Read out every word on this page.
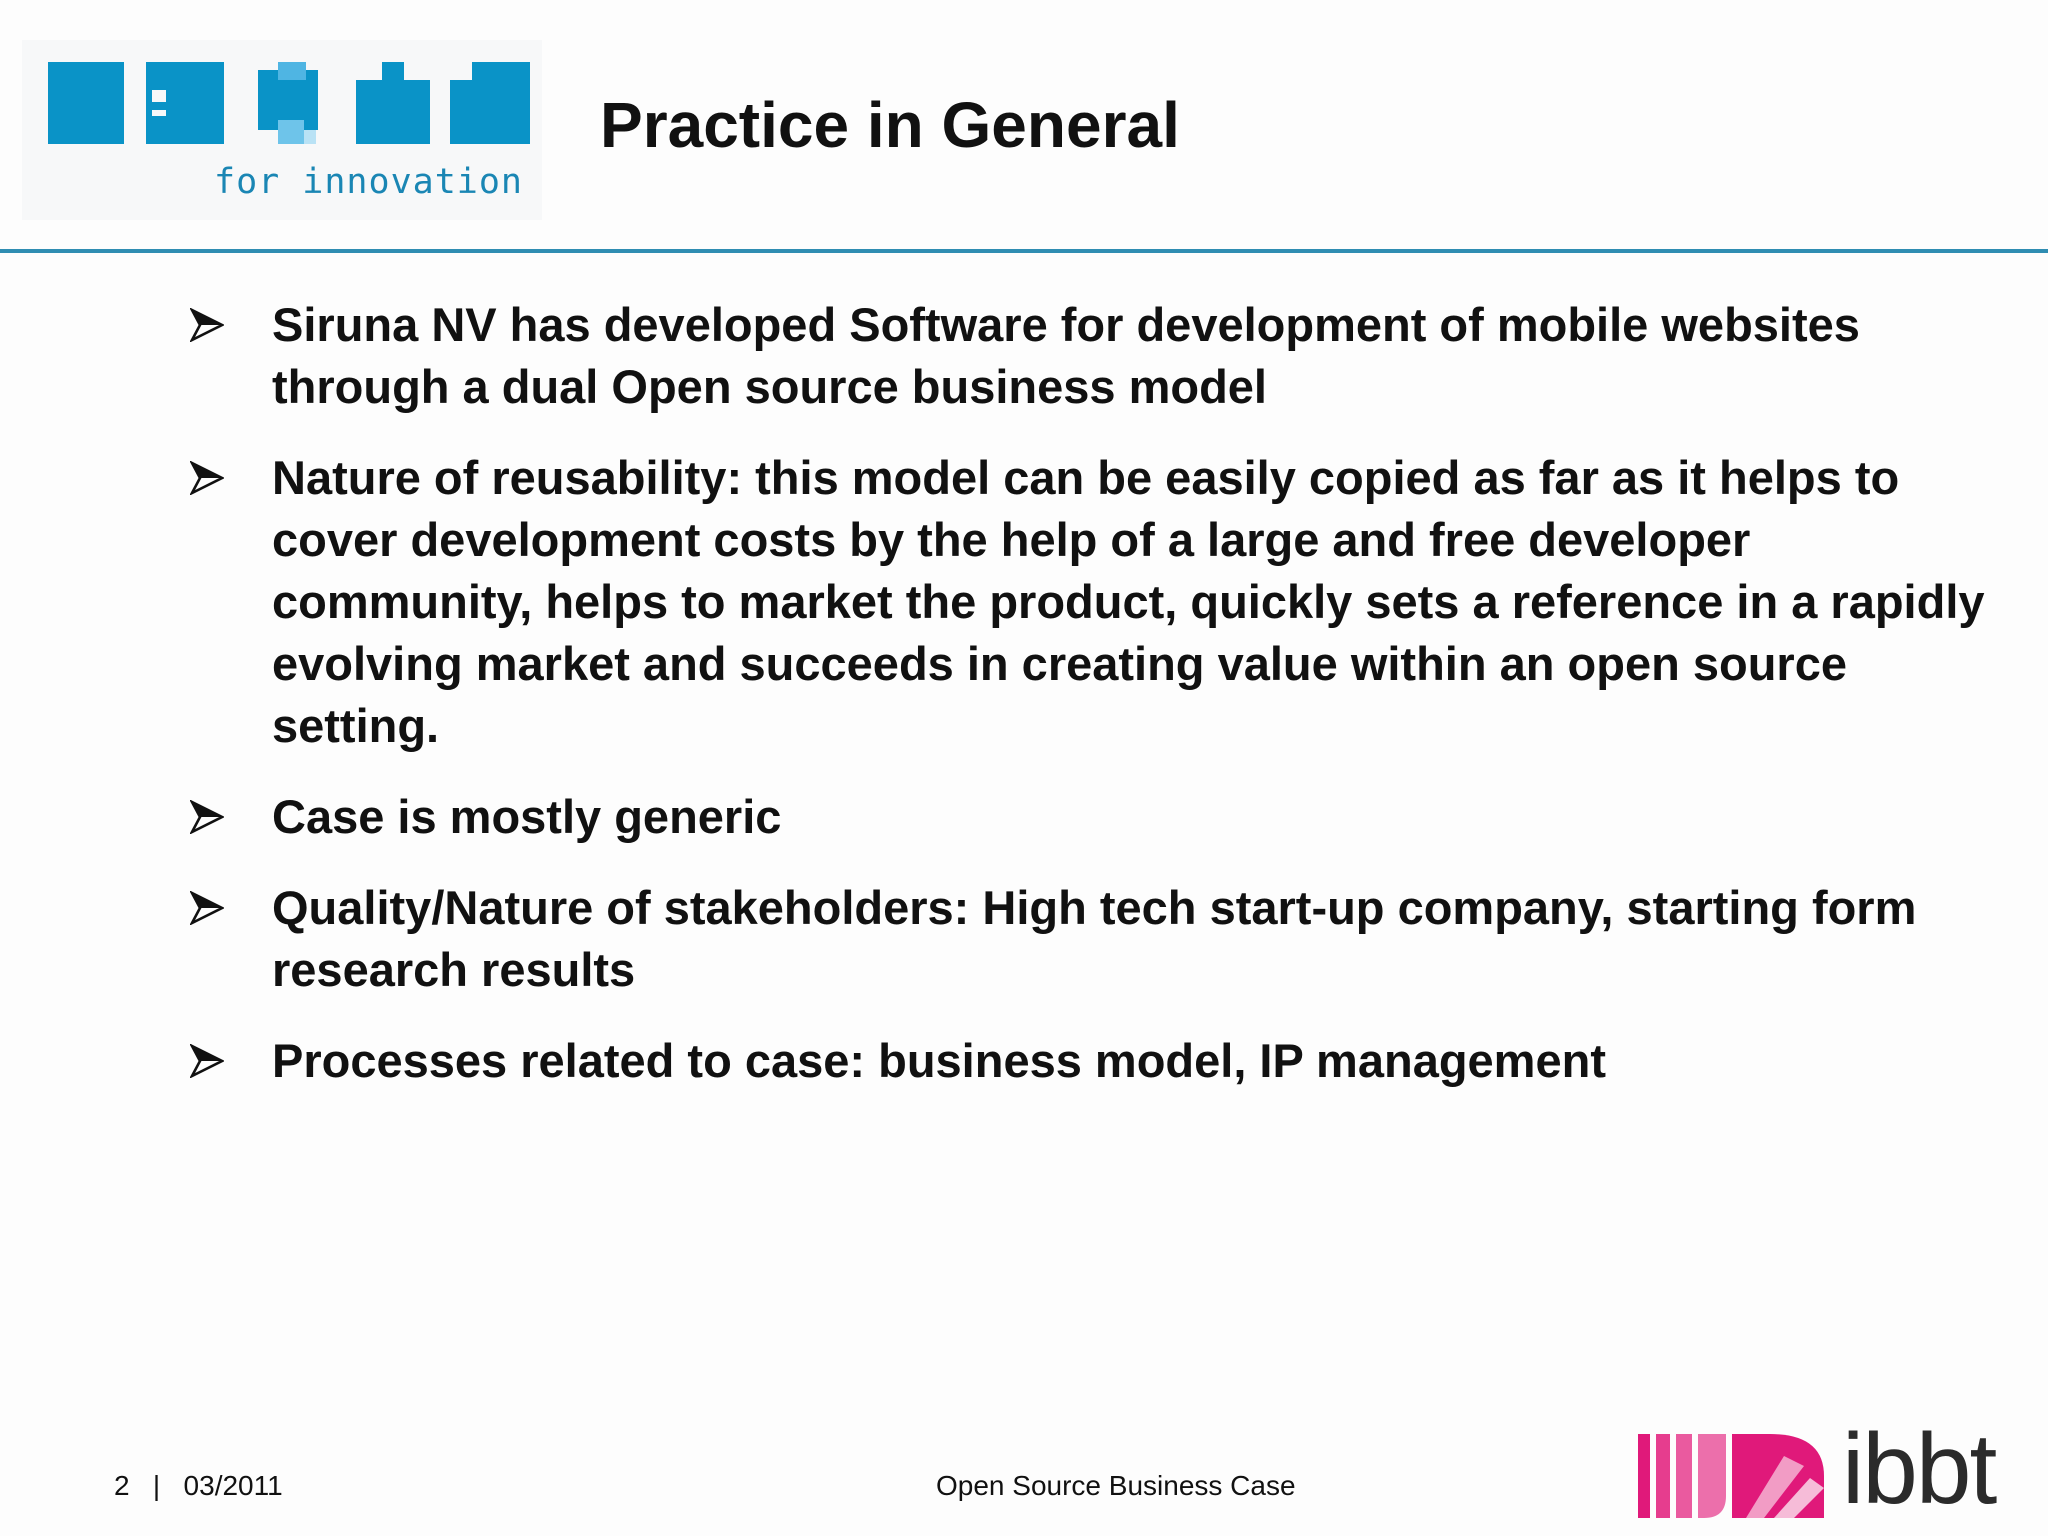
for innovation
Practice in General
Siruna NV has developed Software for development of mobile websites through a dual Open source business model
Nature of reusability: this model can be easily copied as far as it helps to cover development costs by the help of a large and free developer community, helps to market the product, quickly sets a reference in a rapidly evolving market and succeeds in creating value within an open source setting.
Case is mostly generic
Quality/Nature of stakeholders: High tech start-up company, starting form research results
Processes related to case: business model, IP management
2 | 03/2011	Open Source Business Case	ibbt
